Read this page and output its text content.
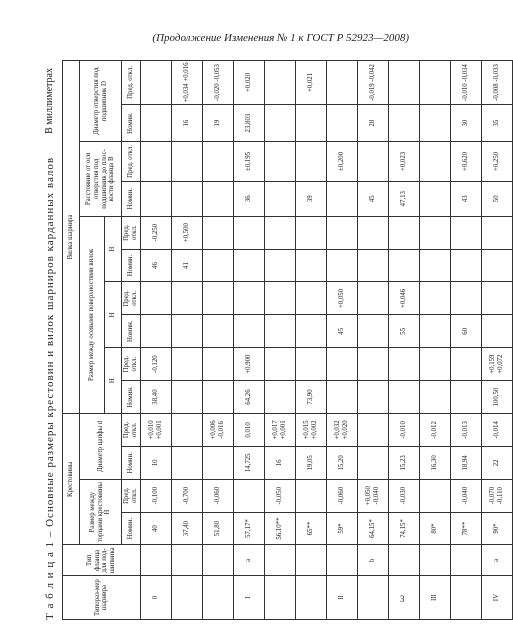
(Продолжение Изменения № 1 к ГОСТ Р 52923—2008)
Т а б л и ц а 1 – Основные размеры крестовин и вилок шарниров карданных валов
В миллиметрах
Типораз-мер шарнира	Тип фланца для под-шипника	Крестовины				Вилка шарнира									
		Размер между торцами крестовины H		Диаметр цапфы d		Размер между осевыми поверхностями вилок						Расстояние от оси отверстия под подшипник до плос-кости фланца B		Диаметр отверстия под подшипник D	
						H		H		H					
		Номин.	Пред. откл.	Номин.	Пред. откл.	Номин.	Пред. откл.	Номин.	Пред. откл.	Номин.	Пред. откл.	Номин.	Пред. откл.	Номин.	Пред. откл.
0		40	-0,100	10	+0,010 +0,001	38,40	-0,120			46	-0,250				
		37,40	-0,700							41	+0,500			16	+0,034 +0,016
		51,80	-0,060		+0,006 -0,016									19	-0,020 -0,053
I	a	57,17*		14,725	0,010	64,26	+0,900					36	±0,195	23,803	+0,020
		56,10**	-0,050	16	+0,017 +0,001										
		65**		19,05	+0,015 +0,002	73,90						39			+0,021
II		59*	-0,060	15,20	+0,032 +0,020			45	+0,050				±0,200		
	b	64,15*	+0,050 -0,040									45		28	-0,019 -0,042
		74,15*	-0,030	15,23	-0,010			55	+0,046			47,13	+0,023		
III		80*		16,30	-0,012										
		78**	-0,040	18,94	-0,013			60				43	+0,620	30	-0,010 -0,034
IV	a	90*	-0,070 -0,110	22	-0,014	100,50	+0,159 +0,072					50	+0,250	35	-0,008 -0,033
3
